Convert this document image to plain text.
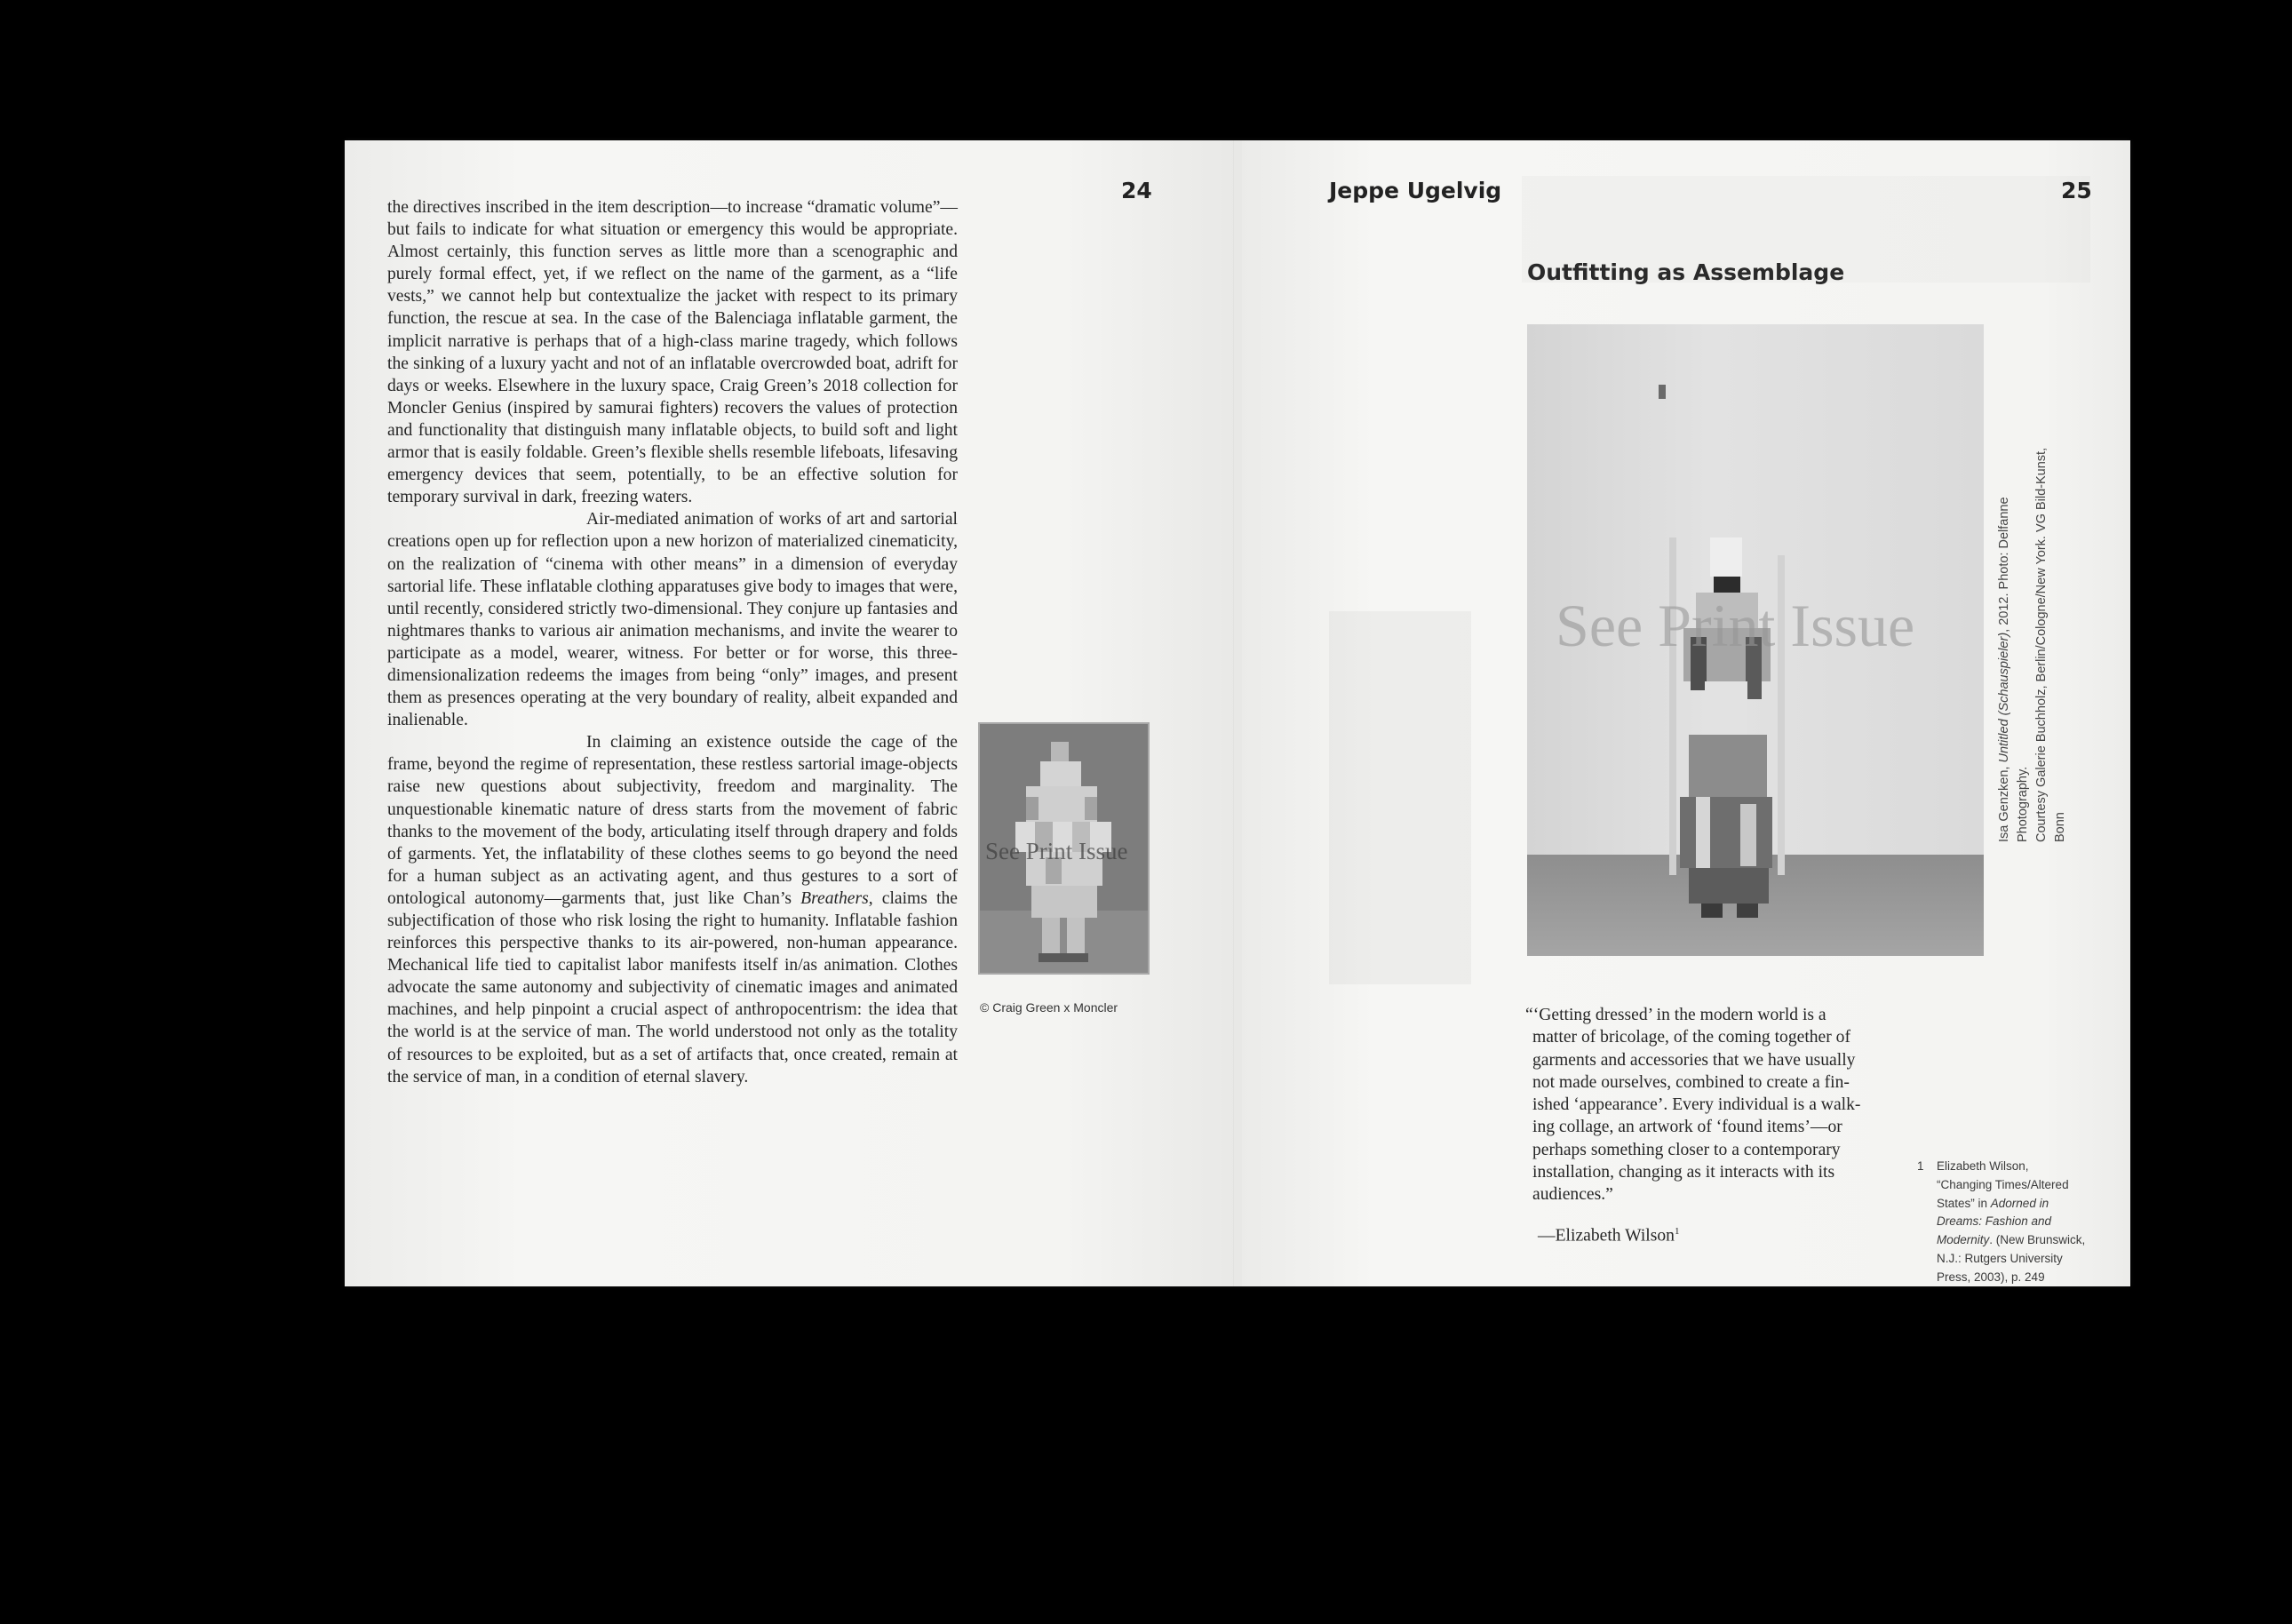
24

the directives inscribed in the item description—to increase “dramatic volume”—but fails to indicate for what situation or emergency this would be appropriate. Almost certainly, this function serves as little more than a scenographic and purely formal effect, yet, if we reflect on the name of the garment, as a “life vests,” we cannot help but contextualize the jacket with respect to its primary function, the rescue at sea. In the case of the Balenciaga inflatable garment, the implicit narrative is perhaps that of a high-class marine tragedy, which follows the sinking of a luxury yacht and not of an inflatable overcrowded boat, adrift for days or weeks. Elsewhere in the luxury space, Craig Green’s 2018 collection for Moncler Genius (inspired by samurai fighters) recovers the values of protection and functionality that distinguish many inflatable objects, to build soft and light armor that is easily foldable. Green’s flexible shells resemble lifeboats, lifesaving emergency devices that seem, potentially, to be an effective solution for temporary survival in dark, freezing waters.

Air-mediated animation of works of art and sartorial creations open up for reflection upon a new horizon of materialized cinematicity, on the realization of “cinema with other means” in a dimension of everyday sartorial life. These inflatable clothing apparatuses give body to images that were, until recently, considered strictly two-dimensional. They conjure up fantasies and nightmares thanks to various air animation mechanisms, and invite the wearer to participate as a model, wearer, witness. For better or for worse, this three-dimensionalization redeems the images from being “only” images, and present them as presences operating at the very boundary of reality, albeit expanded and inalienable.

In claiming an existence outside the cage of the frame, beyond the regime of representation, these restless sartorial image-objects raise new questions about subjectivity, freedom and marginality. The unquestionable kinematic nature of dress starts from the movement of fabric thanks to the movement of the body, articulating itself through drapery and folds of garments. Yet, the inflatability of these clothes seems to go beyond the need for a human subject as an activating agent, and thus gestures to a sort of ontological autonomy—garments that, just like Chan’s Breathers, claims the subjectification of those who risk losing the right to humanity. Inflatable fashion reinforces this perspective thanks to its air-powered, non-human appearance. Mechanical life tied to capitalist labor manifests itself in/as animation. Clothes advocate the same autonomy and subjectivity of cinematic images and animated machines, and help pinpoint a crucial aspect of anthropocentrism: the idea that the world is at the service of man. The world understood not only as the totality of resources to be exploited, but as a set of artifacts that, once created, remain at the service of man, in a condition of eternal slavery.

See Print Issue
© Craig Green x Moncler
Jeppe Ugelvig	25
Outfitting as Assemblage
See Print Issue
Isa Genzken, Untitled (Schauspieler), 2012. Photo: Delfanne Photography. Courtesy Galerie Buchholz, Berlin/Cologne/New York. VG Bild-Kunst, Bonn
“‘Getting dressed’ in the modern world is a
matter of bricolage, of the coming together of
garments and accessories that we have usually
not made ourselves, combined to create a fin-
ished ‘appearance’. Every individual is a walk-
ing collage, an artwork of ‘found items’—or
perhaps something closer to a contemporary
installation, changing as it interacts with its
audiences.”
—Elizabeth Wilson$^1$
1 Elizabeth Wilson,
“Changing Times/Altered
States” in Adorned in
Dreams: Fashion and
Modernity. (New Brunswick,
N.J.: Rutgers University
Press, 2003), p. 249
